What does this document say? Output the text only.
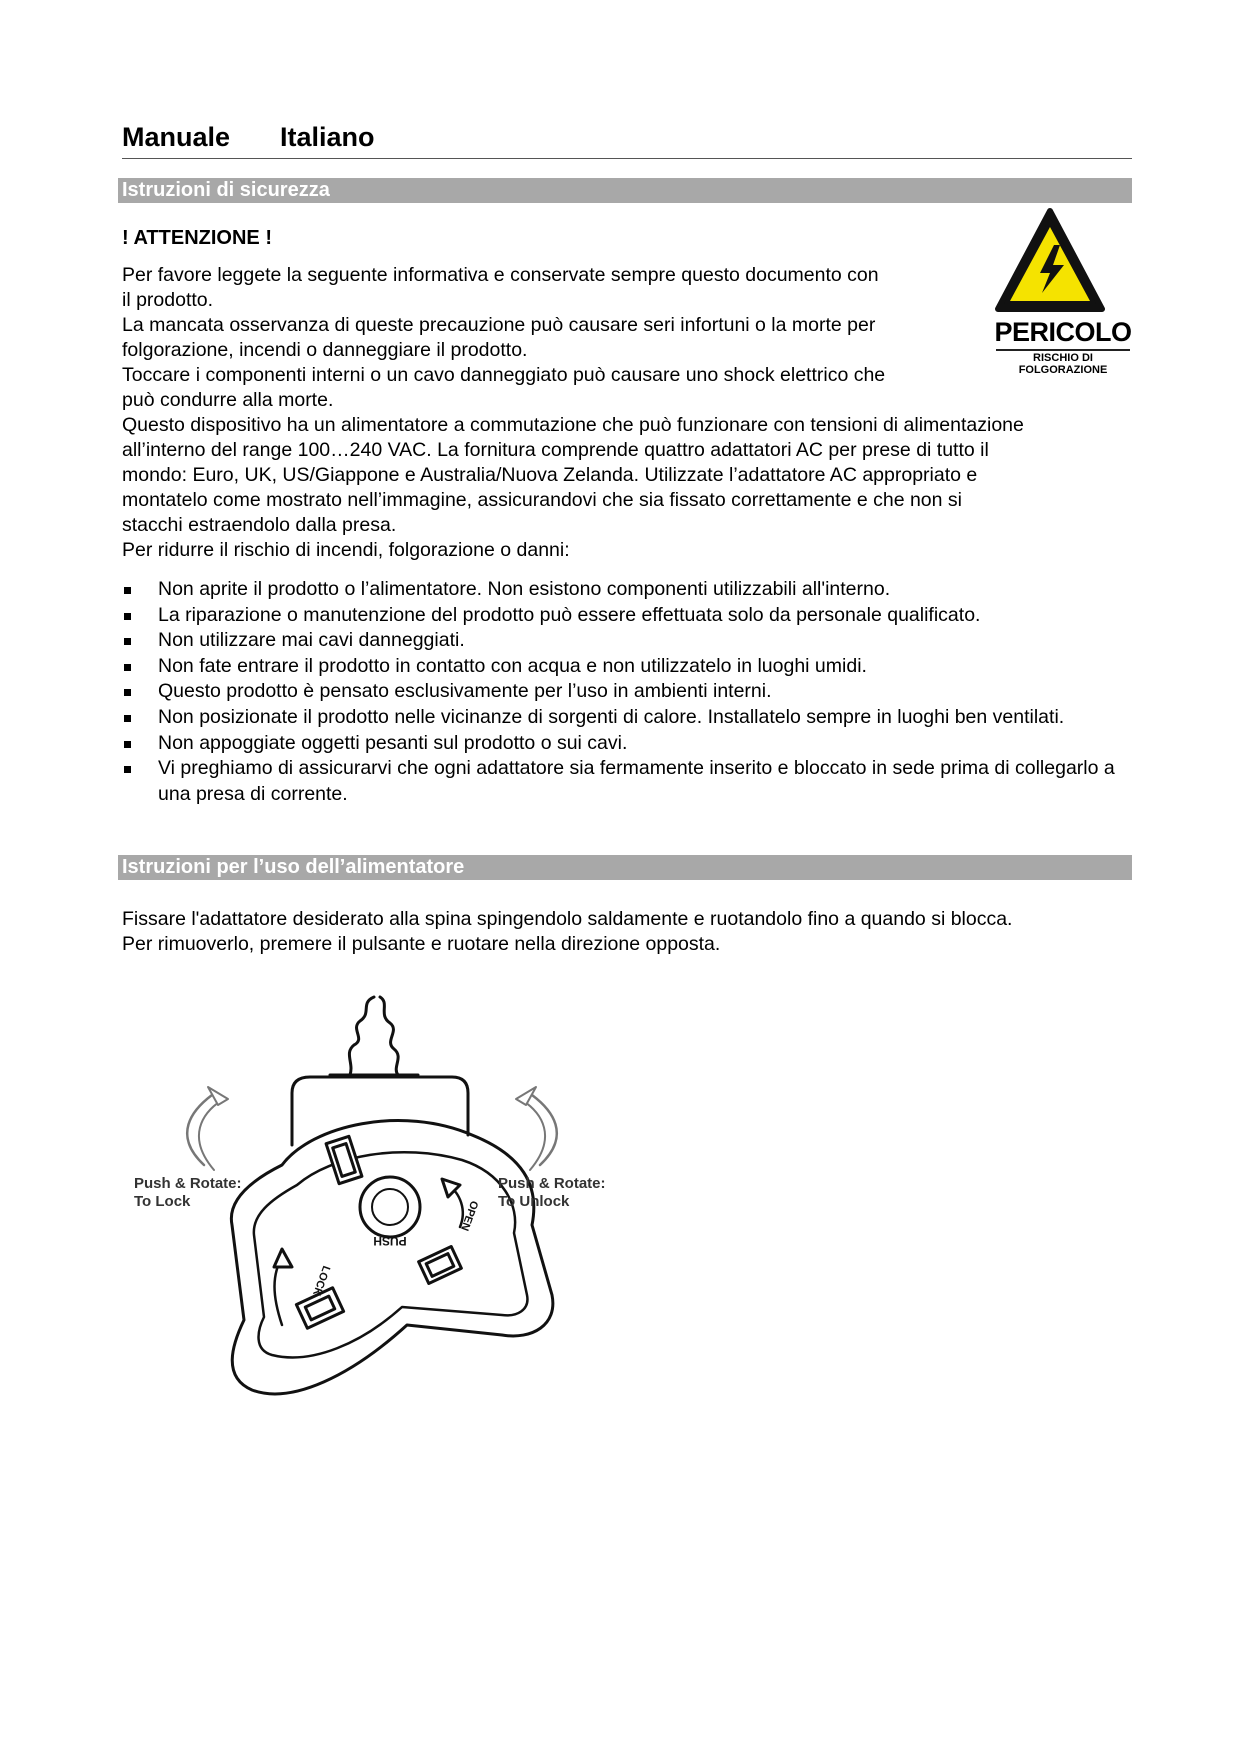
Manuale Italiano
Istruzioni di sicurezza
! ATTENZIONE !
Per favore leggete la seguente informativa e conservate sempre questo documento con
il prodotto.
La mancata osservanza di queste precauzione può causare seri infortuni o la morte per
folgorazione, incendi o danneggiare il prodotto.
Toccare i componenti interni o un cavo danneggiato può causare uno shock elettrico che
può condurre alla morte.
Questo dispositivo ha un alimentatore a commutazione che può funzionare con tensioni di alimentazione
all’interno del range 100…240 VAC. La fornitura comprende quattro adattatori AC per prese di tutto il
mondo: Euro, UK, US/Giappone e Australia/Nuova Zelanda. Utilizzate l’adattatore AC appropriato e
montatelo come mostrato nell’immagine, assicurandovi che sia fissato correttamente e che non si
stacchi estraendolo dalla presa.
Per ridurre il rischio di incendi, folgorazione o danni:
PERICOLO
RISCHIO DI
FOLGORAZIONE
Non aprite il prodotto o l’alimentatore. Non esistono componenti utilizzabili all'interno.
La riparazione o manutenzione del prodotto può essere effettuata solo da personale qualificato.
Non utilizzare mai cavi danneggiati.
Non fate entrare il prodotto in contatto con acqua e non utilizzatelo in luoghi umidi.
Questo prodotto è pensato esclusivamente per l’uso in ambienti interni.
Non posizionate il prodotto nelle vicinanze di sorgenti di calore. Installatelo sempre in luoghi ben ventilati.
Non appoggiate oggetti pesanti sul prodotto o sui cavi.
Vi preghiamo di assicurarvi che ogni adattatore sia fermamente inserito e bloccato in sede prima di collegarlo a una presa di corrente.
Istruzioni per l’uso dell’alimentatore
Fissare l'adattatore desiderato alla spina spingendolo saldamente e ruotandolo fino a quando si blocca.
Per rimuoverlo, premere il pulsante e ruotare nella direzione opposta.
PUSH
LOCK
OPEN
Push & Rotate:
To Lock
Push & Rotate:
To Unlock
